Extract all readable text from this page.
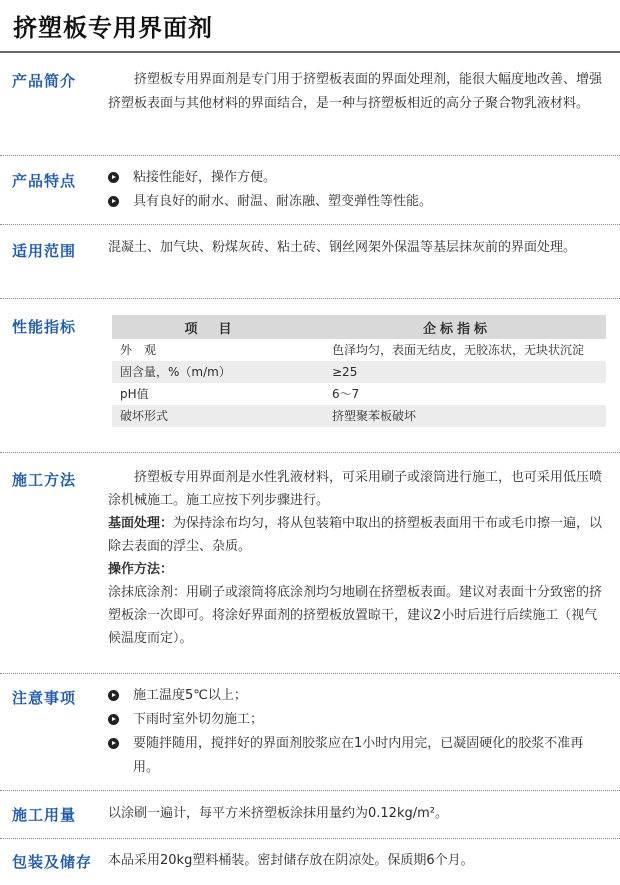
挤塑板专用界面剂
产品简介	挤塑板专用界面剂是专门用于挤塑板表面的界面处理剂，能很大幅度地改善、增强挤塑板表面与其他材料的界面结合，是一种与挤塑板相近的高分子聚合物乳液材料。

产品特点	粘接性能好，操作方便。
具有良好的耐水、耐温、耐冻融、塑变弹性等性能。
适用范围 混凝土、加气块、粉煤灰砖、粘土砖、钢丝网架外保温等基层抹灰前的界面处理。

性能指标	项　目	企标指标
外　观	色泽均匀，表面无结皮，无胶冻状，无块状沉淀
固含量，%（m/m）	≥25
pH值	6～7
破坏形式	挤塑聚苯板破坏
施工方法	挤塑板专用界面剂是水性乳液材料，可采用刷子或滚筒进行施工，也可采用低压喷涂机械施工。施工应按下列步骤进行。

基面处理：为保持涂布均匀，将从包装箱中取出的挤塑板表面用干布或毛巾擦一遍，以除去表面的浮尘、杂质。

操作方法：

涂抹底涂剂：用刷子或滚筒将底涂剂均匀地刷在挤塑板表面。建议对表面十分致密的挤塑板涂一次即可。将涂好界面剂的挤塑板放置晾干，建议2小时后进行后续施工（视气候温度而定）。

注意事项	施工温度5℃以上；
下雨时室外切勿施工；
要随拌随用，搅拌好的界面剂胶浆应在1小时内用完，已凝固硬化的胶浆不准再用。
施工用量 以涂刷一遍计，每平方米挤塑板涂抹用量约为0.12kg/m²。

包装及储存 本品采用20kg塑料桶装。密封储存放在阴凉处。保质期6个月。
